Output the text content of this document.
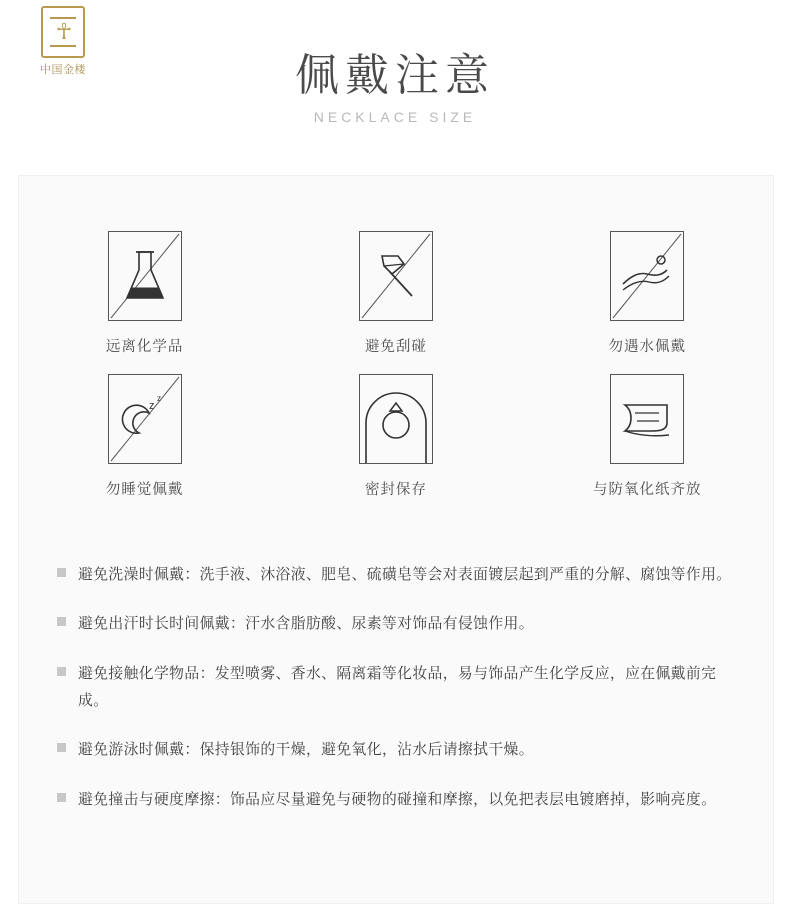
☥
中国金楼	佩戴注意
NECKLACE SIZE
远离化学品	避免刮碰	勿遇水佩戴
z
z
勿睡觉佩戴	密封保存	与防氧化纸齐放
避免洗澡时佩戴：洗手液、沐浴液、肥皂、硫磺皂等会对表面镀层起到严重的分解、腐蚀等作用。
避免出汗时长时间佩戴：汗水含脂肪酸、尿素等对饰品有侵蚀作用。
避免接触化学物品：发型喷雾、香水、隔离霜等化妆品，易与饰品产生化学反应，应在佩戴前完成。
避免游泳时佩戴：保持银饰的干燥，避免氧化，沾水后请擦拭干燥。
避免撞击与硬度摩擦：饰品应尽量避免与硬物的碰撞和摩擦，以免把表层电镀磨掉，影响亮度。
